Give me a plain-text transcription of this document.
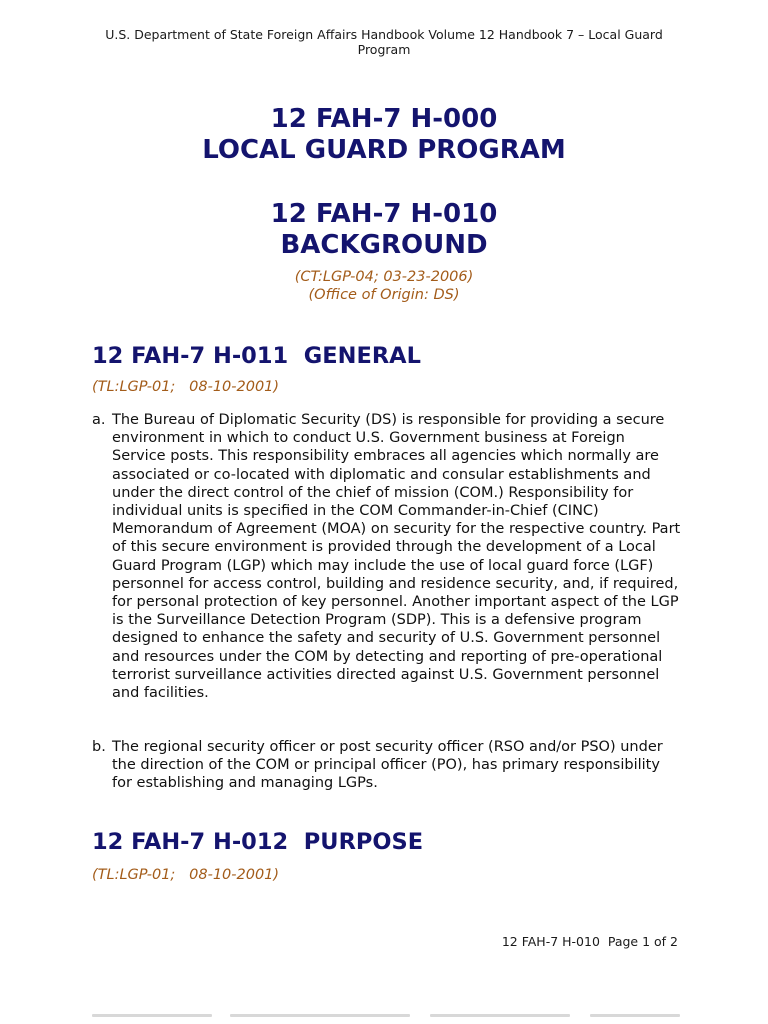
U.S. Department of State Foreign Affairs Handbook Volume 12 Handbook 7 – Local Guard Program
12 FAH-7 H-000
LOCAL GUARD PROGRAM
12 FAH-7 H-010
BACKGROUND
(CT:LGP-04; 03-23-2006)
(Office of Origin: DS)
12 FAH-7 H-011  GENERAL
(TL:LGP-01;   08-10-2001)
a. The Bureau of Diplomatic Security (DS) is responsible for providing a secure environment in which to conduct U.S. Government business at Foreign Service posts. This responsibility embraces all agencies which normally are associated or co-located with diplomatic and consular establishments and under the direct control of the chief of mission (COM.) Responsibility for individual units is specified in the COM Commander-in-Chief (CINC) Memorandum of Agreement (MOA) on security for the respective country. Part of this secure environment is provided through the development of a Local Guard Program (LGP) which may include the use of local guard force (LGF) personnel for access control, building and residence security, and, if required, for personal protection of key personnel. Another important aspect of the LGP is the Surveillance Detection Program (SDP). This is a defensive program designed to enhance the safety and security of U.S. Government personnel and resources under the COM by detecting and reporting of pre-operational terrorist surveillance activities directed against U.S. Government personnel and facilities.
b. The regional security officer or post security officer (RSO and/or PSO) under the direction of the COM or principal officer (PO), has primary responsibility for establishing and managing LGPs.
12 FAH-7 H-012  PURPOSE
(TL:LGP-01;   08-10-2001)
12 FAH-7 H-010  Page 1 of 2
